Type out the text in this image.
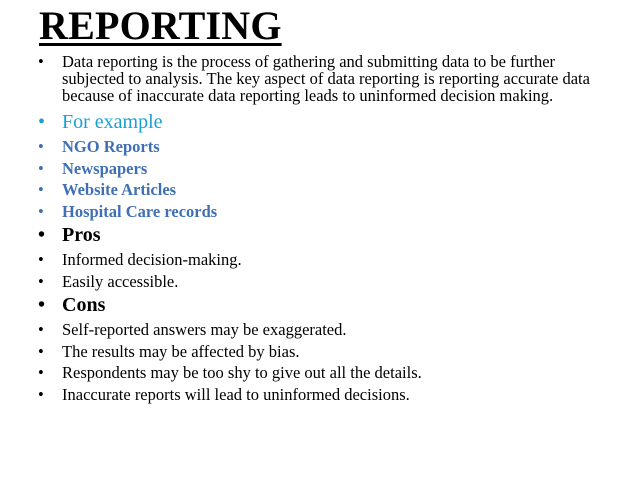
REPORTING
• Data reporting is the process of gathering and submitting data to be further subjected to analysis. The key aspect of data reporting is reporting accurate data because of inaccurate data reporting leads to uninformed decision making.
• For example
• NGO Reports
• Newspapers
• Website Articles
• Hospital Care records
• Pros
• Informed decision-making.
• Easily accessible.
• Cons
• Self-reported answers may be exaggerated.
• The results may be affected by bias.
• Respondents may be too shy to give out all the details.
• Inaccurate reports will lead to uninformed decisions.
